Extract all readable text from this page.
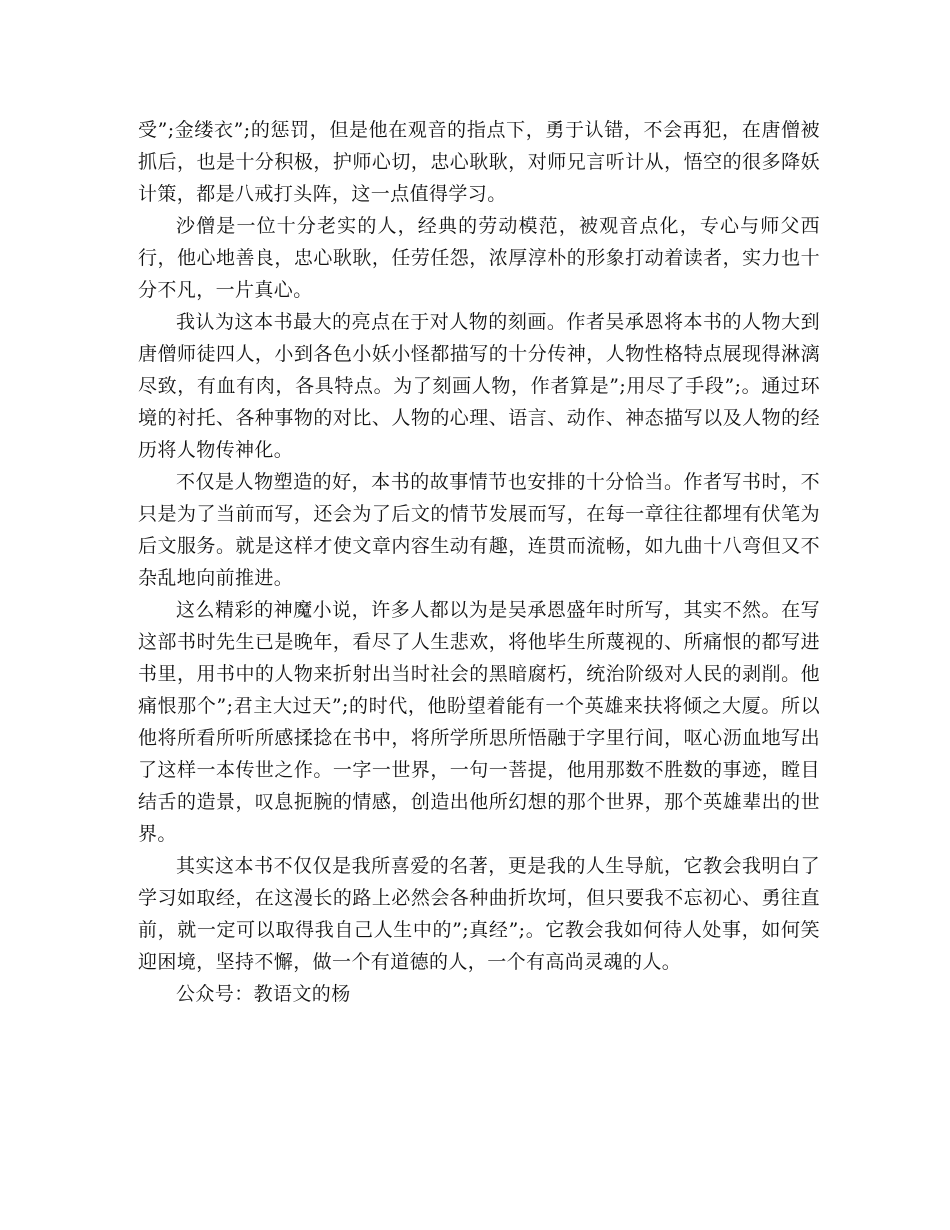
受”;金缕衣”;的惩罚，但是他在观音的指点下，勇于认错，不会再犯，在唐僧被抓后，也是十分积极，护师心切，忠心耿耿，对师兄言听计从，悟空的很多降妖计策，都是八戒打头阵，这一点值得学习。

沙僧是一位十分老实的人，经典的劳动模范，被观音点化，专心与师父西行，他心地善良，忠心耿耿，任劳任怨，浓厚淳朴的形象打动着读者，实力也十分不凡，一片真心。

我认为这本书最大的亮点在于对人物的刻画。作者吴承恩将本书的人物大到唐僧师徒四人，小到各色小妖小怪都描写的十分传神，人物性格特点展现得淋漓尽致，有血有肉，各具特点。为了刻画人物，作者算是”;用尽了手段”;。通过环境的衬托、各种事物的对比、人物的心理、语言、动作、神态描写以及人物的经历将人物传神化。

不仅是人物塑造的好，本书的故事情节也安排的十分恰当。作者写书时，不只是为了当前而写，还会为了后文的情节发展而写，在每一章往往都埋有伏笔为后文服务。就是这样才使文章内容生动有趣，连贯而流畅，如九曲十八弯但又不杂乱地向前推进。

这么精彩的神魔小说，许多人都以为是吴承恩盛年时所写，其实不然。在写这部书时先生已是晚年，看尽了人生悲欢，将他毕生所蔑视的、所痛恨的都写进书里，用书中的人物来折射出当时社会的黑暗腐朽，统治阶级对人民的剥削。他痛恨那个”;君主大过天”;的时代，他盼望着能有一个英雄来扶将倾之大厦。所以他将所看所听所感揉捻在书中，将所学所思所悟融于字里行间，呕心沥血地写出了这样一本传世之作。一字一世界，一句一菩提，他用那数不胜数的事迹，瞠目结舌的造景，叹息扼腕的情感，创造出他所幻想的那个世界，那个英雄辈出的世界。

其实这本书不仅仅是我所喜爱的名著，更是我的人生导航，它教会我明白了学习如取经，在这漫长的路上必然会各种曲折坎坷，但只要我不忘初心、勇往直前，就一定可以取得我自己人生中的”;真经”;。它教会我如何待人处事，如何笑迎困境，坚持不懈，做一个有道德的人，一个有高尚灵魂的人。

公众号：教语文的杨
